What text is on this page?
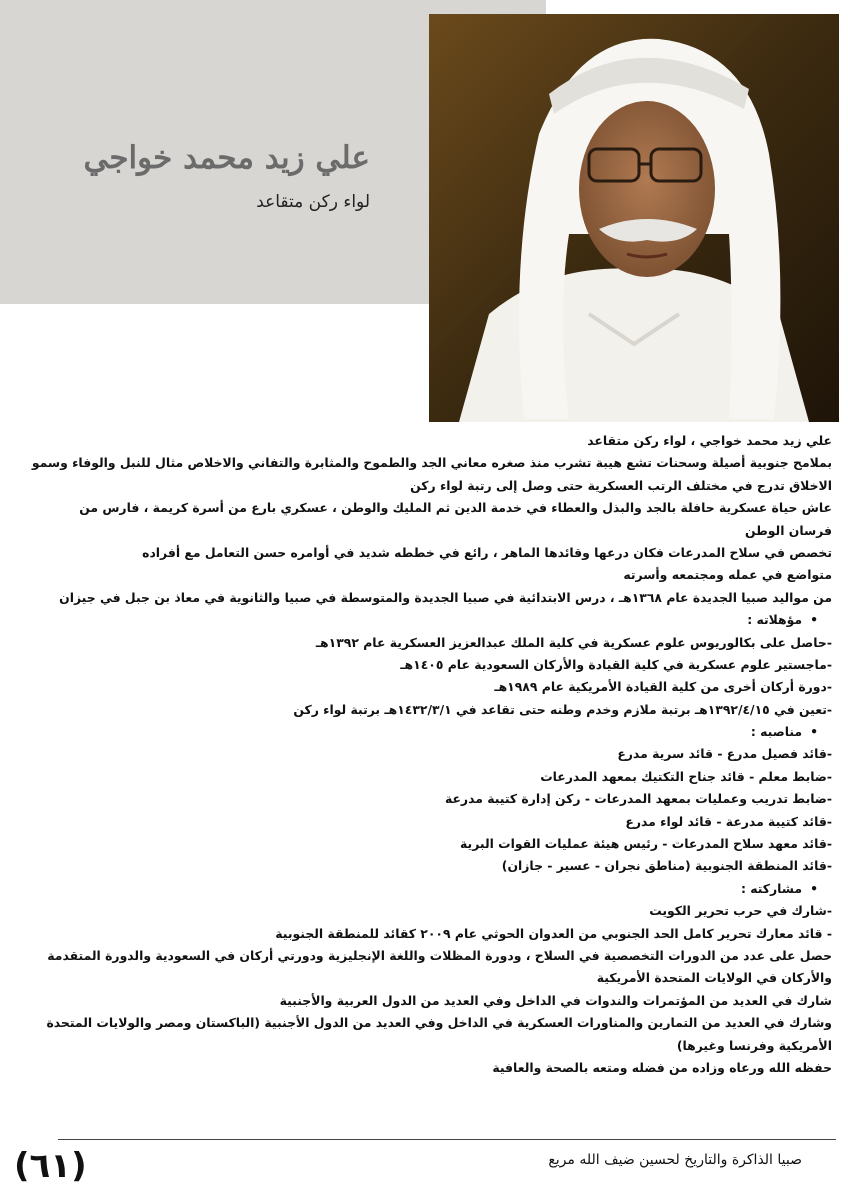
علي زيد محمد خواجي
لواء ركن متقاعد
علي زيد محمد خواجي ، لواء ركن متقاعد
بملامح جنوبية أصيلة وسحنات تشع هيبة تشرب منذ صغره معاني الجد والطموح والمثابرة والتفاني والاخلاص مثال للنبل والوفاء وسمو
الاخلاق تدرج في مختلف الرتب العسكرية حتى وصل إلى رتبة لواء ركن
عاش حياة عسكرية حافلة بالجد والبذل والعطاء في خدمة الدين ثم المليك والوطن ، عسكري بارع من أسرة كريمة ، فارس من
فرسان الوطن
تخصص في سلاح المدرعات فكان درعها وقائدها الماهر ، رائع في خططه شديد في أوامره حسن التعامل مع أفراده
متواضع في عمله ومجتمعه وأسرته
من مواليد صبيا الجديدة عام ١٣٦٨هـ ، درس الابتدائية في صبيا الجديدة والمتوسطة في صبيا والثانوية في معاذ بن جبل في جيزان
• مؤهلاته :
-حاصل على بكالوريوس علوم عسكرية في كلية الملك عبدالعزيز العسكرية عام ١٣٩٢هـ
-ماجستير علوم عسكرية في كلية القيادة والأركان السعودية عام ١٤٠٥هـ
-دورة أركان أخرى من كلية القيادة الأمريكية عام ١٩٨٩هـ
-تعين في ١٣٩٢/٤/١٥هـ برتبة ملازم وخدم وطنه حتى تقاعد في ١٤٣٢/٣/١هـ برتبة لواء ركن
• مناصبه :
-قائد فصيل مدرع - قائد سرية مدرع
-ضابط معلم - قائد جناح التكتيك بمعهد المدرعات
-ضابط تدريب وعمليات بمعهد المدرعات - ركن إدارة كتيبة مدرعة
-قائد كتيبة مدرعة - قائد لواء مدرع
-قائد معهد سلاح المدرعات - رئيس هيئة عمليات القوات البرية
-قائد المنطقة الجنوبية (مناطق نجران - عسير - جازان)
• مشاركته :
-شارك في حرب تحرير الكويت
- قائد معارك تحرير كامل الحد الجنوبي من العدوان الحوثي عام ٢٠٠٩ كقائد للمنطقة الجنوبية
حصل على عدد من الدورات التخصصية في السلاح ، ودورة المظلات واللغة الإنجليزية ودورتي أركان في السعودية والدورة المتقدمة
والأركان في الولايات المتحدة الأمريكية
شارك في العديد من المؤتمرات والندوات في الداخل وفي العديد من الدول العربية والأجنبية
وشارك في العديد من التمارين والمناورات العسكرية في الداخل وفي العديد من الدول الأجنبية (الباكستان ومصر والولايات المتحدة
الأمريكية وفرنسا وغيرها)
حفظه الله ورعاه وزاده من فضله ومتعه بالصحة والعافية
صبيا الذاكرة والتاريخ لحسين ضيف الله مريع
(٦١)
